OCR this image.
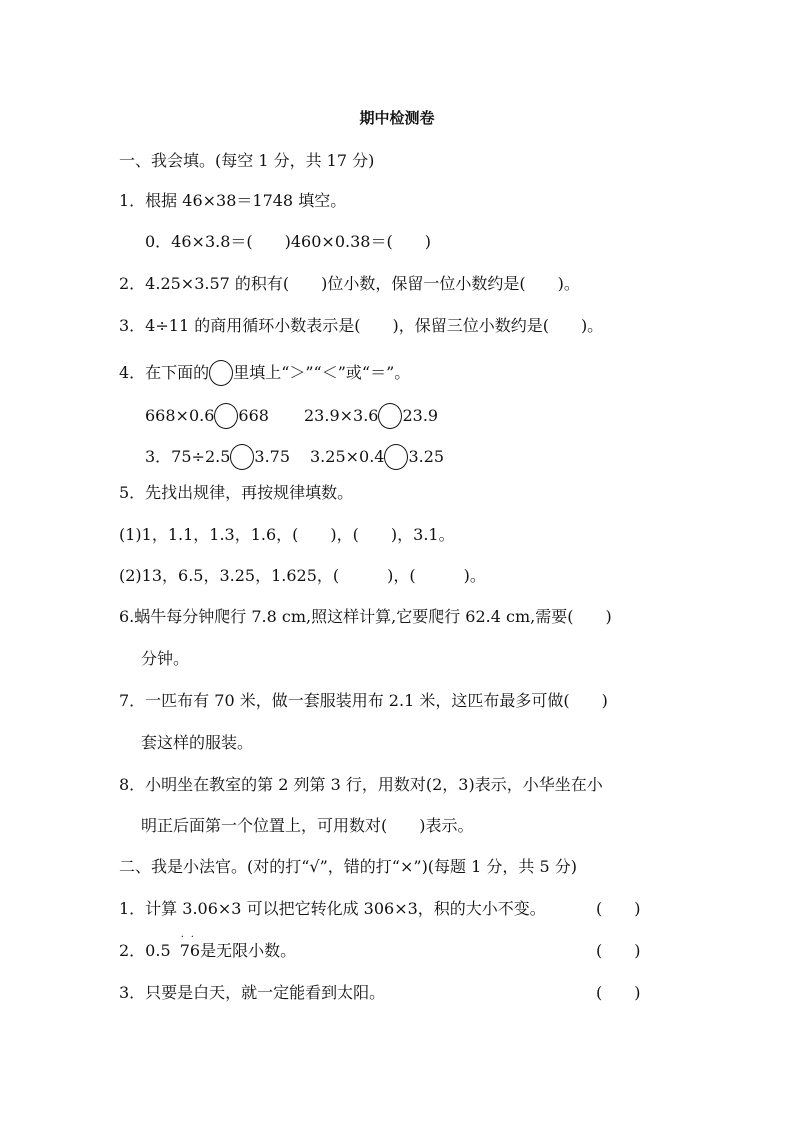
期中检测卷
一、我会填。(每空 1 分，共 17 分)
1．根据 46×38＝1748 填空。
0．46×3.8＝(　　)460×0.38＝(　　)
2．4.25×3.57 的积有(　　)位小数，保留一位小数约是(　　)。
3．4÷11 的商用循环小数表示是(　　)，保留三位小数约是(　　)。
4．在下面的 里填上“＞”“＜”或“＝”。
668×0.6 668 23.9×3.6 23.9
3．75÷2.5 3.75 3.25×0.4 3.25
5．先找出规律，再按规律填数。
(1)1，1.1，1.3，1.6，(　　)，(　　)，3.1。
(2)13，6.5，3.25，1.625，(　　　)，(　　　)。
6.蜗牛每分钟爬行 7.8 cm,照这样计算,它要爬行 62.4 cm,需要(　　)
分钟。
7．一匹布有 70 米，做一套服装用布 2.1 米，这匹布最多可做(　　)
套这样的服装。
8．小明坐在教室的第 2 列第 3 行，用数对(2，3)表示，小华坐在小
明正后面第一个位置上，可用数对(　　)表示。
二、我是小法官。(对的打“√”，错的打“×”)(每题 1 分，共 5 分)
1．计算 3.06×3 可以把它转化成 306×3，积的大小不变。	(　　)
2．0.5
· ·
76是无限小数。	(　　)
3．只要是白天，就一定能看到太阳。	(　　)
